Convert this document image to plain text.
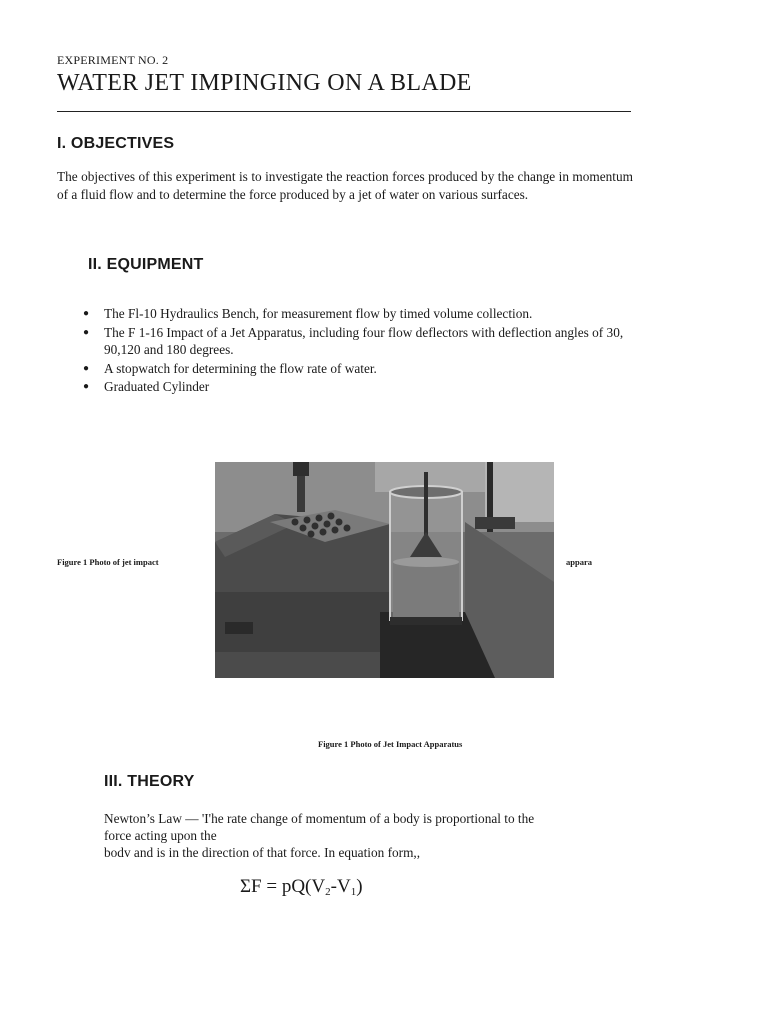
EXPERIMENT NO. 2
WATER JET IMPINGING ON A BLADE
I. OBJECTIVES
The objectives of this experiment is to investigate the reaction forces produced by the change in momentum of a fluid flow and to determine the force produced by a jet of water on various surfaces.
II. EQUIPMENT
● The Fl-10 Hydraulics Bench, for measurement flow by timed volume collection.
● The F 1-16 Impact of a Jet Apparatus, including four flow deflectors with deflection angles of 30,
90,120 and 180 degrees.
● A stopwatch for determining the flow rate of water.
● Graduated Cylinder
Figure 1 Photo of jet impact	appara
Figure 1 Photo of Jet Impact Apparatus
III. THEORY
Newton’s Law — 'I'he rate change of momentum of a body is proportional to the
force acting upon the
bodv and is in the direction of that force. In equation form,,
$\Sigma F = pQ(V_2-V_1)$
